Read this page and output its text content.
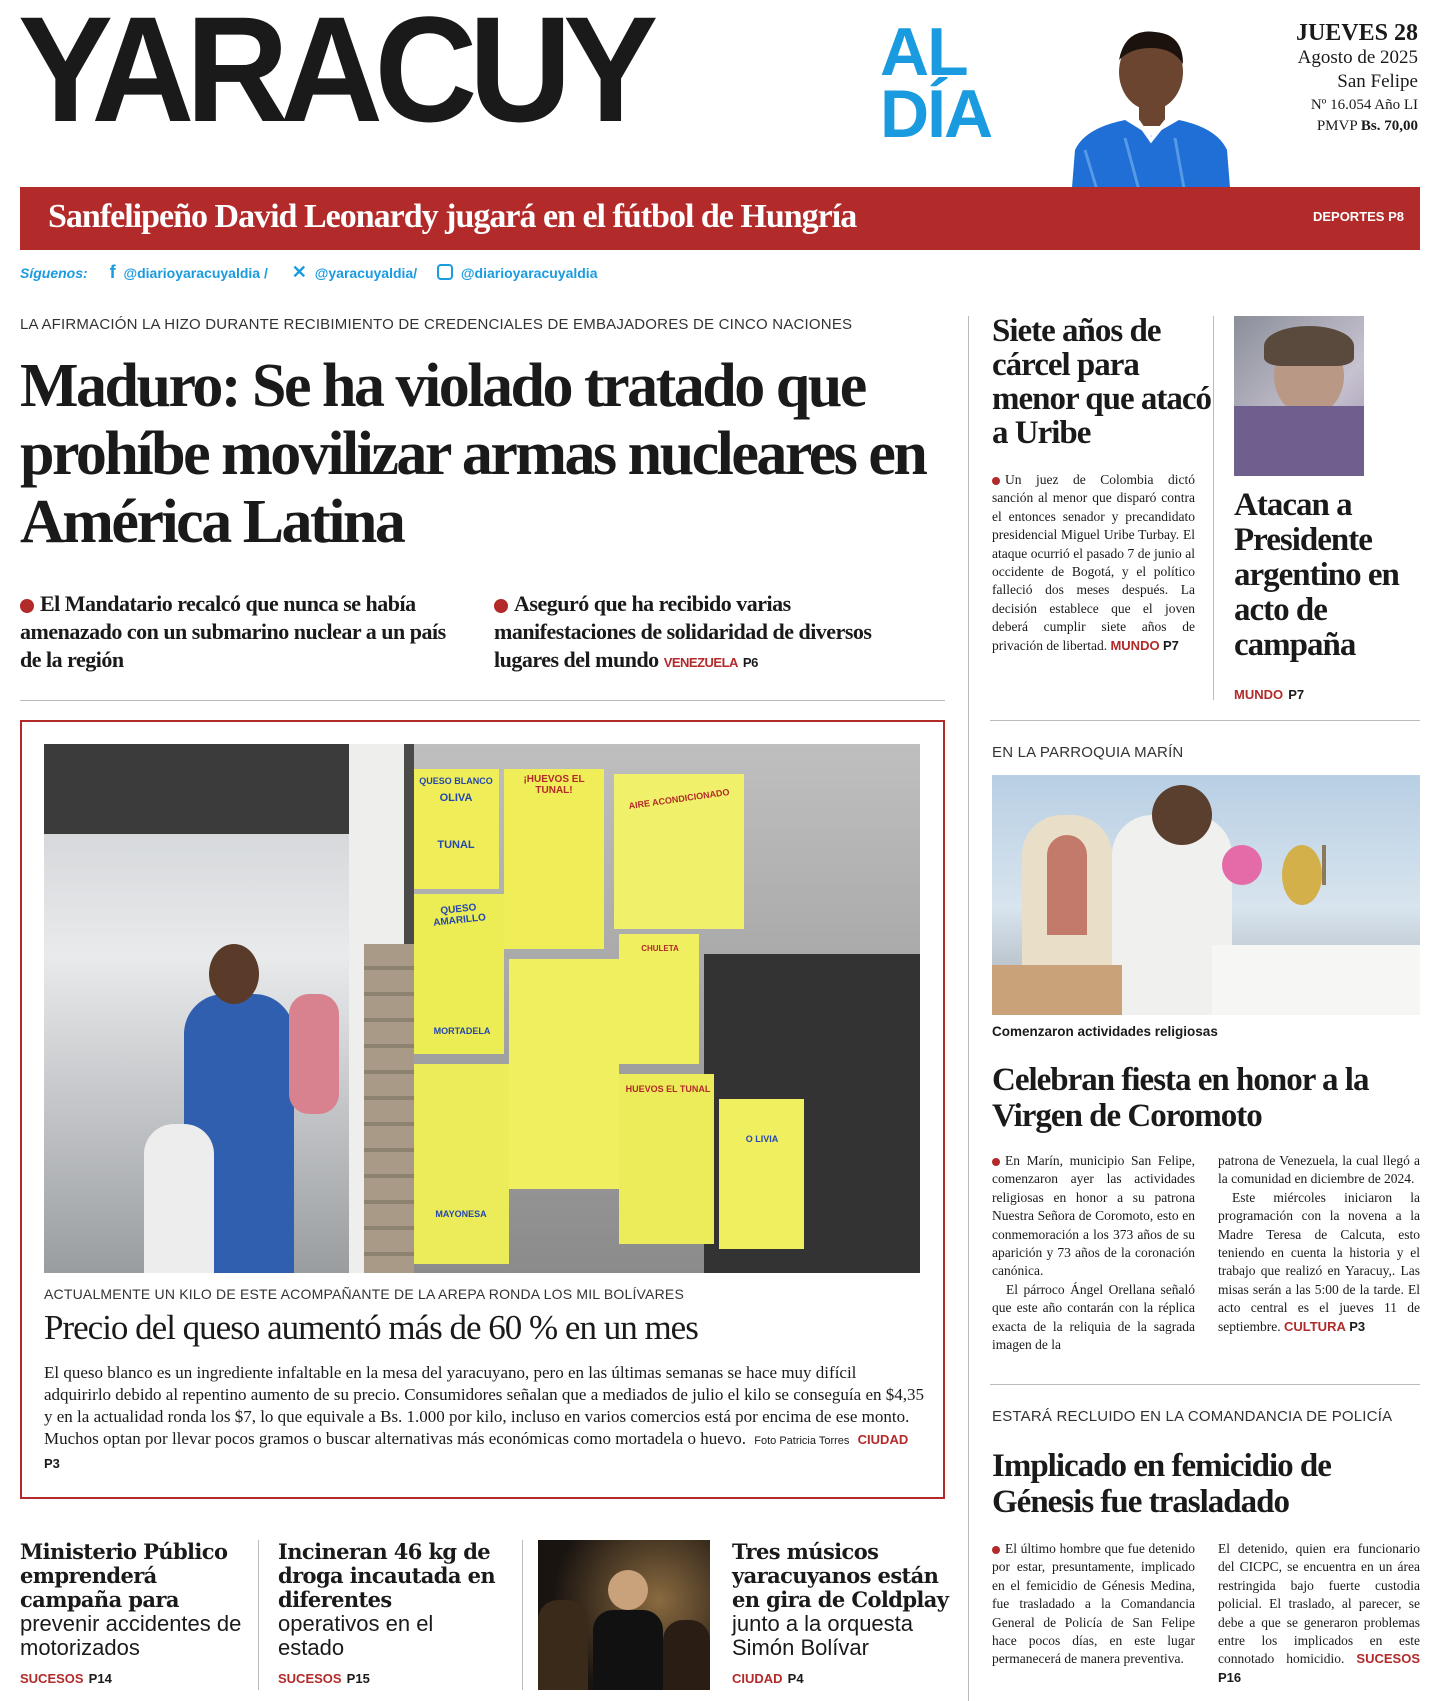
YARACUY	AL
DÍA
JUEVES 28
Agosto de 2025
San Felipe
Nº 16.054 Año LI
PMVP Bs. 70,00
Sanfelipeño David Leonardy jugará en el fútbol de Hungría	DEPORTES P8
Síguenos: f @diarioyaracuyaldia / ✕ @yaracuyaldia/	@diarioyaracuyaldia
LA AFIRMACIÓN LA HIZO DURANTE RECIBIMIENTO DE CREDENCIALES DE EMBAJADORES DE CINCO NACIONES
Maduro: Se ha violado tratado que prohíbe movilizar armas nucleares en América Latina
El Mandatario recalcó que nunca se había amenazado con un submarino nuclear a un país de la región
Aseguró que ha recibido varias manifestaciones de solidaridad de diversos lugares del mundo VENEZUELA P6
QUESO BLANCO
OLIVA
¡HUEVOS EL TUNAL!
TUNAL
AIRE ACONDICIONADO
QUESO AMARILLO
MORTADELA
CHULETA
HUEVOS EL TUNAL
MAYONESA
O LIVIA
ACTUALMENTE UN KILO DE ESTE ACOMPAÑANTE DE LA AREPA RONDA LOS MIL BOLÍVARES
Precio del queso aumentó más de 60 % en un mes
El queso blanco es un ingrediente infaltable en la mesa del yaracuyano, pero en las últimas semanas se hace muy difícil adquirirlo debido al repentino aumento de su precio. Consumidores señalan que a mediados de julio el kilo se conseguía en $4,35 y en la actualidad ronda los $7, lo que equivale a Bs. 1.000 por kilo, incluso en varios comercios está por encima de ese monto. Muchos optan por llevar pocos gramos o buscar alternativas más económicas como mortadela o huevo. Foto Patricia Torres CIUDAD P3
Ministerio Público emprenderá campaña para
prevenir accidentes de motorizados
SUCESOS P14
Incineran 46 kg de droga incautada en diferentes
operativos en el estado
SUCESOS P15
Tres músicos yaracuyanos están en gira de Coldplay
junto a la orquesta Simón Bolívar
CIUDAD P4
Siete años de cárcel para menor que atacó a Uribe
Un juez de Colombia dictó sanción al menor que disparó contra el entonces senador y precandidato presidencial Miguel Uribe Turbay. El ataque ocurrió el pasado 7 de junio al occidente de Bogotá, y el político falleció dos meses después. La decisión establece que el joven deberá cumplir siete años de privación de libertad. MUNDO P7
Atacan a Presidente argentino en acto de campaña
MUNDO P7
EN LA PARROQUIA MARÍN
Comenzaron actividades religiosas
Celebran fiesta en honor a la Virgen de Coromoto
En Marín, municipio San Felipe, comenzaron ayer las actividades religiosas en honor a su patrona Nuestra Señora de Coromoto, esto en conmemoración a los 373 años de su aparición y 73 años de la coronación canónica.
El párroco Ángel Orellana señaló que este año contarán con la réplica exacta de la reliquia de la sagrada imagen de la
patrona de Venezuela, la cual llegó a la comunidad en diciembre de 2024.
Este miércoles iniciaron la programación con la novena a la Madre Teresa de Calcuta, esto teniendo en cuenta la historia y el trabajo que realizó en Yaracuy,. Las misas serán a las 5:00 de la tarde. El acto central es el jueves 11 de septiembre. CULTURA P3
ESTARÁ RECLUIDO EN LA COMANDANCIA DE POLICÍA
Implicado en femicidio de Génesis fue trasladado
El último hombre que fue detenido por estar, presuntamente, implicado en el femicidio de Génesis Medina, fue trasladado a la Comandancia General de Policía de San Felipe hace pocos días, en este lugar permanecerá de manera preventiva.
El detenido, quien era funcionario del CICPC, se encuentra en un área restringida bajo fuerte custodia policial. El traslado, al parecer, se debe a que se generaron problemas entre los implicados en este connotado homicidio. SUCESOS P16
